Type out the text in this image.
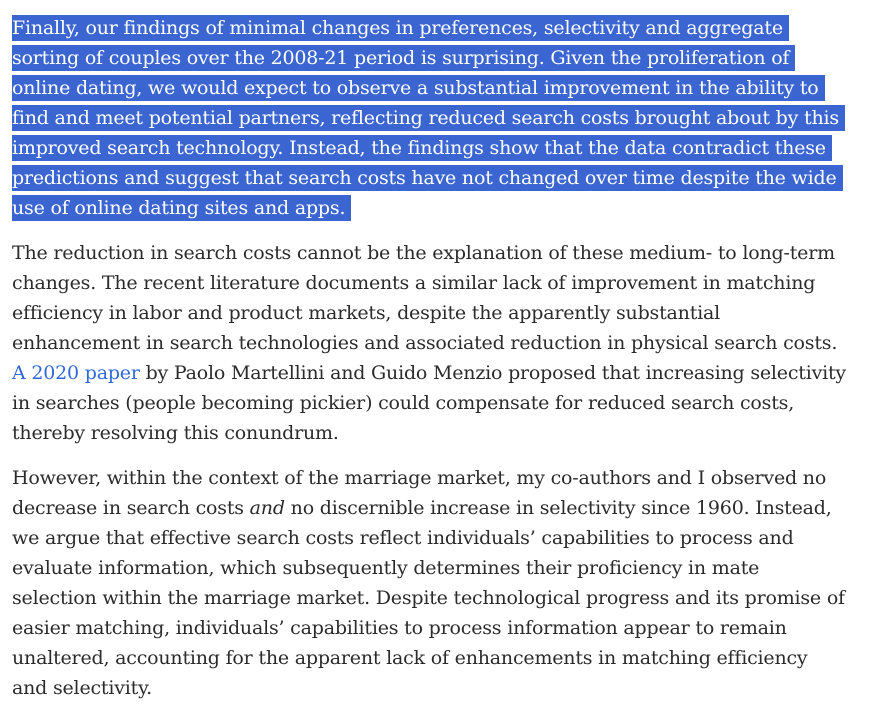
Finally, our findings of minimal changes in preferences, selectivity and aggregate
sorting of couples over the 2008-21 period is surprising. Given the proliferation of
online dating, we would expect to observe a substantial improvement in the ability to
find and meet potential partners, reflecting reduced search costs brought about by this
improved search technology. Instead, the findings show that the data contradict these
predictions and suggest that search costs have not changed over time despite the wide
use of online dating sites and apps.

The reduction in search costs cannot be the explanation of these medium- to long-term
changes. The recent literature documents a similar lack of improvement in matching
efficiency in labor and product markets, despite the apparently substantial
enhancement in search technologies and associated reduction in physical search costs.
A 2020 paper by Paolo Martellini and Guido Menzio proposed that increasing selectivity
in searches (people becoming pickier) could compensate for reduced search costs,
thereby resolving this conundrum.

However, within the context of the marriage market, my co-authors and I observed no
decrease in search costs and no discernible increase in selectivity since 1960. Instead,
we argue that effective search costs reflect individuals’ capabilities to process and
evaluate information, which subsequently determines their proficiency in mate
selection within the marriage market. Despite technological progress and its promise of
easier matching, individuals’ capabilities to process information appear to remain
unaltered, accounting for the apparent lack of enhancements in matching efficiency
and selectivity.
